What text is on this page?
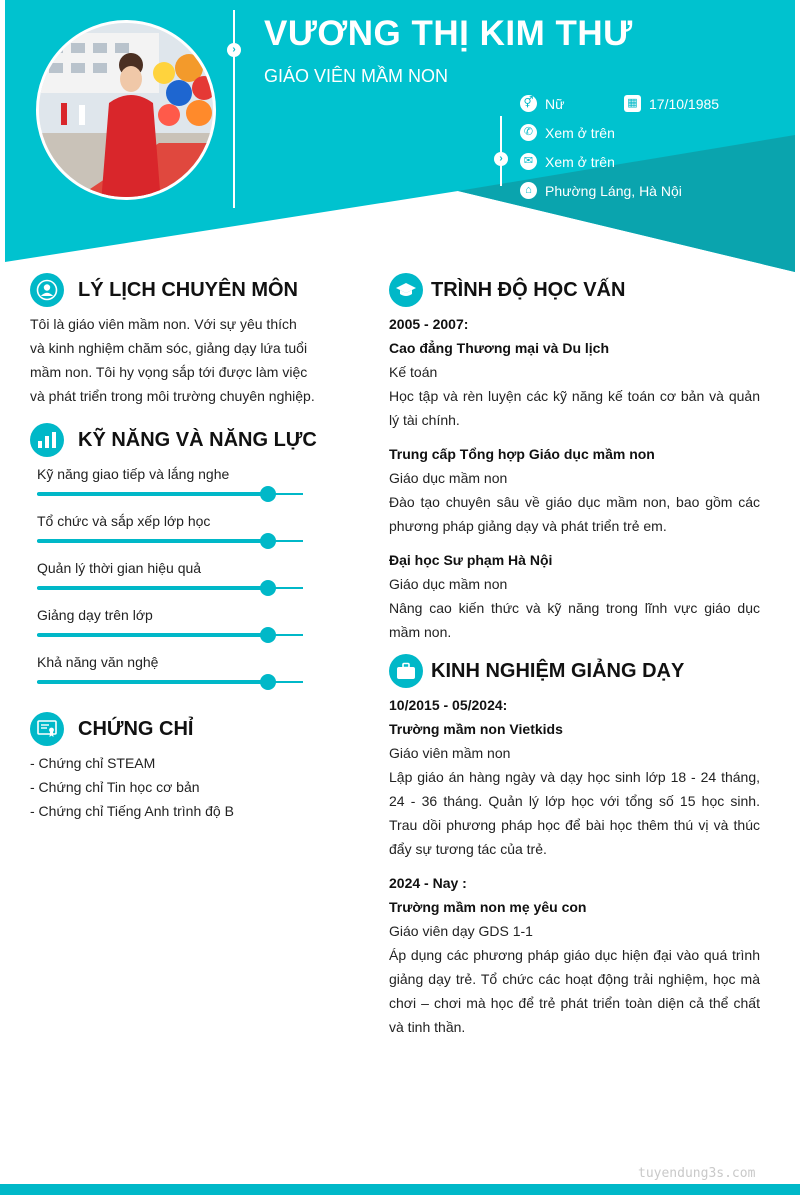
› VƯƠNG THỊ KIM THƯ
GIÁO VIÊN MẦM NON
⚥ Nữ	▦ 17/10/1985
›
✆ Xem ở trên
✉ Xem ở trên
⌂ Phường Láng, Hà Nội
LÝ LỊCH CHUYÊN MÔN
Tôi là giáo viên mầm non. Với sự yêu thích và kinh nghiệm chăm sóc, giảng dạy lứa tuổi mầm non. Tôi hy vọng sắp tới được làm việc và phát triển trong môi trường chuyên nghiệp.
KỸ NĂNG VÀ NĂNG LỰC
Kỹ năng giao tiếp và lắng nghe
Tổ chức và sắp xếp lớp học
Quản lý thời gian hiệu quả
Giảng dạy trên lớp
Khả năng văn nghệ
CHỨNG CHỈ
- Chứng chỉ STEAM
- Chứng chỉ Tin học cơ bản
- Chứng chỉ Tiếng Anh trình độ B
TRÌNH ĐỘ HỌC VẤN
2005 - 2007:
Cao đẳng Thương mại và Du lịch
Kế toán
Học tập và rèn luyện các kỹ năng kế toán cơ bản và quản lý tài chính.
Trung cấp Tổng hợp Giáo dục mầm non
Giáo dục mầm non
Đào tạo chuyên sâu về giáo dục mầm non, bao gồm các phương pháp giảng dạy và phát triển trẻ em.
Đại học Sư phạm Hà Nội
Giáo dục mầm non
Nâng cao kiến thức và kỹ năng trong lĩnh vực giáo dục mầm non.
KINH NGHIỆM GIẢNG DẠY
10/2015 - 05/2024:
Trường mầm non Vietkids
Giáo viên mầm non
Lập giáo án hàng ngày và dạy học sinh lớp 18 - 24 tháng, 24 - 36 tháng. Quản lý lớp học với tổng số 15 học sinh. Trau dồi phương pháp học để bài học thêm thú vị và thúc đẩy sự tương tác của trẻ.
2024 - Nay :
Trường mầm non mẹ yêu con
Giáo viên dạy GDS 1-1
Áp dụng các phương pháp giáo dục hiện đại vào quá trình giảng dạy trẻ. Tổ chức các hoạt động trải nghiệm, học mà chơi – chơi mà học để trẻ phát triển toàn diện cả thể chất và tinh thần.
tuyendung3s.com
